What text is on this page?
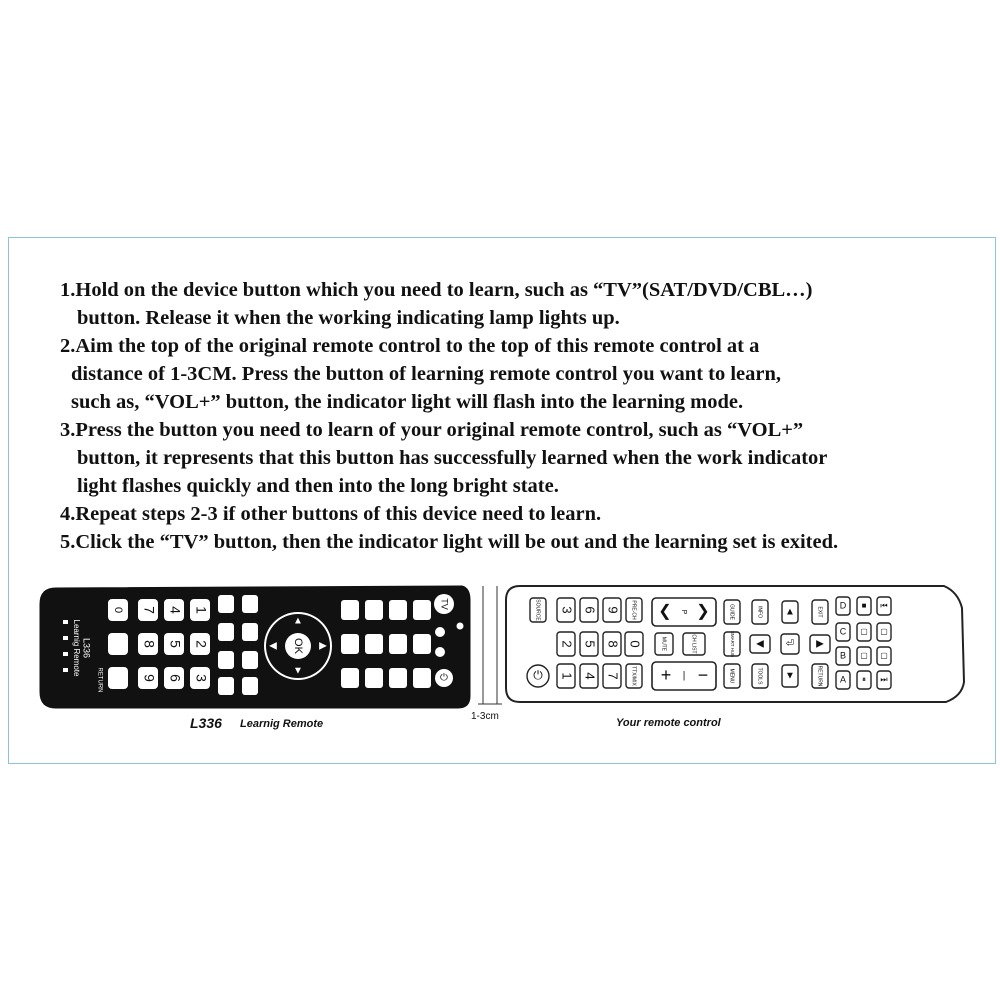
1.Hold on the device button which you need to learn, such as “TV”(SAT/DVD/CBL…)
button. Release it when the working indicating lamp lights up.
2.Aim the top of the original remote control to the top of this remote control at a
distance of 1-3CM. Press the button of learning remote control you want to learn,
such as, “VOL+” button, the indicator light will flash into the learning mode.
3.Press the button you need to learn of your original remote control, such as “VOL+”
button, it represents that this button has successfully learned when the work indicator
light flashes quickly and then into the long bright state.
4.Repeat steps 2-3 if other buttons of this device need to learn.
5.Click the “TV” button, then the indicator light will be out and the learning set is exited.
L336
Learnig Remote
RETURN
7
8
9
4
5
6
1
2
3
0
OK
▲
▼
◀	▶
TV
⏻
1-3cm
⏻
SOURCE 3
2
1
6
5
4
9
8
7
PRE-CH
0
TTX/MIX
❮ P ❯
+ | −
MUTE	CH LIST
GUIDE
SMART HUB
MENU
INFO
◀
TOOLS
▲
⏎
▼
EXIT
▶
RETURN
D
C
B
A
■
▢
▢
⏸
⏮
▢
▢
⏭
L336 Learnig Remote	Your remote control
